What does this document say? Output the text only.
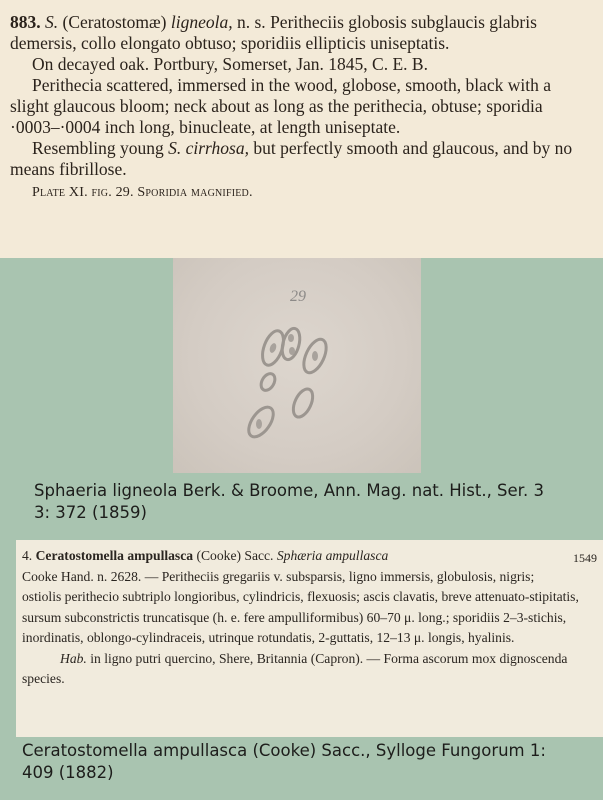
883. S. (Ceratostomæ) ligneola, n. s. Peritheciis globosis subglaucis glabris demersis, collo elongato obtuso; sporidiis ellipticis uniseptatis.

On decayed oak. Portbury, Somerset, Jan. 1845, C. E. B.

Perithecia scattered, immersed in the wood, globose, smooth, black with a slight glaucous bloom; neck about as long as the perithecia, obtuse; sporidia ·0003–·0004 inch long, binucleate, at length uniseptate.

Resembling young S. cirrhosa, but perfectly smooth and glaucous, and by no means fibrillose.

Plate XI. fig. 29. Sporidia magnified.

29
Sphaeria ligneola Berk. & Broome, Ann. Mag. nat. Hist., Ser. 3 3: 372 (1859)

4. Ceratostomella ampullasca (Cooke) Sacc. Sphæria ampullasca	1549

Cooke Hand. n. 2628. — Peritheciis gregariis v. subsparsis, ligno immersis, globulosis, nigris; ostiolis perithecio subtriplo longioribus, cylindricis, flexuosis; ascis clavatis, breve attenuato-stipitatis, sursum subconstrictis truncatisque (h. e. fere ampulliformibus) 60–70 μ. long.; sporidiis 2–3-stichis, inordinatis, oblongo-cylindraceis, utrinque rotundatis, 2-guttatis, 12–13 μ. longis, hyalinis.

Hab. in ligno putri quercino, Shere, Britannia (Capron). — Forma ascorum mox dignoscenda species.

Ceratostomella ampullasca (Cooke) Sacc., Sylloge Fungorum 1: 409 (1882)
